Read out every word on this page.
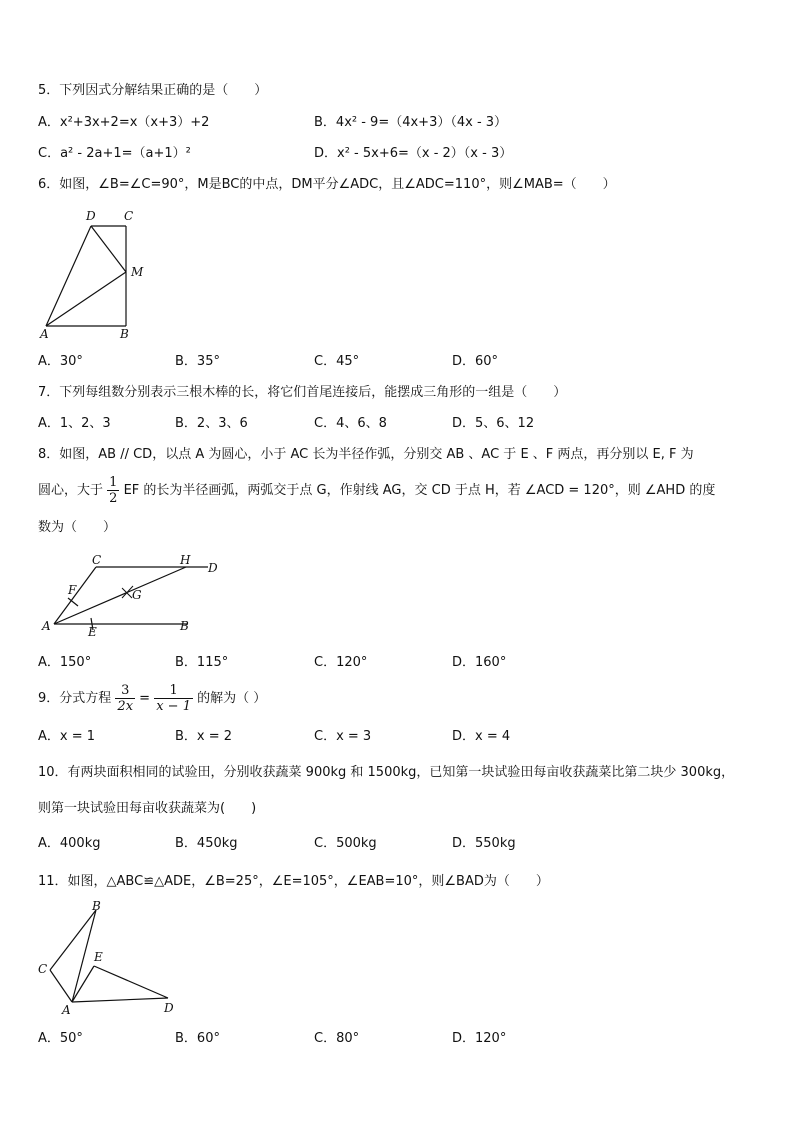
5．下列因式分解结果正确的是（　　）
A．x²+3x+2=x（x+3）+2	B．4x² - 9=（4x+3）（4x - 3）
C．a² - 2a+1=（a+1）²	D．x² - 5x+6=（x - 2）（x - 3）
6．如图，∠B=∠C=90°，M是BC的中点，DM平分∠ADC，且∠ADC=110°，则∠MAB=（　　）
D C
M
A	B
A．30°	B．35°	C．45°	D．60°
7．下列每组数分别表示三根木棒的长，将它们首尾连接后，能摆成三角形的一组是（　　）
A．1、2、3	B．2、3、6	C．4、6、8	D．5、6、12
8．如图，AB // CD，以点 A 为圆心，小于 AC 长为半径作弧，分别交 AB 、AC 于 E 、F 两点，再分别以 E, F 为
圆心，大于 $\frac{1}{2}$ EF 的长为半径画弧，两弧交于点 G，作射线 AG，交 CD 于点 H，若 ∠ACD = 120°，则 ∠AHD 的度
数为（　　）
C	H
D
F	G
A	E	B
A．150°	B．115°	C．120°	D．160°
9．分式方程 $\frac{3}{2x} = \frac{1}{x - 1}$ 的解为（ ）
A．x = 1	B．x = 2	C．x = 3	D．x = 4
10．有两块面积相同的试验田，分别收获蔬菜 900kg 和 1500kg，已知第一块试验田每亩收获蔬菜比第二块少 300kg，
则第一块试验田每亩收获蔬菜为(　　)
A．400kg	B．450kg	C．500kg	D．550kg
11．如图，△ABC≌△ADE，∠B=25°，∠E=105°，∠EAB=10°，则∠BAD为（　　）
B
C
E
A	D
A．50°	B．60°	C．80°	D．120°
